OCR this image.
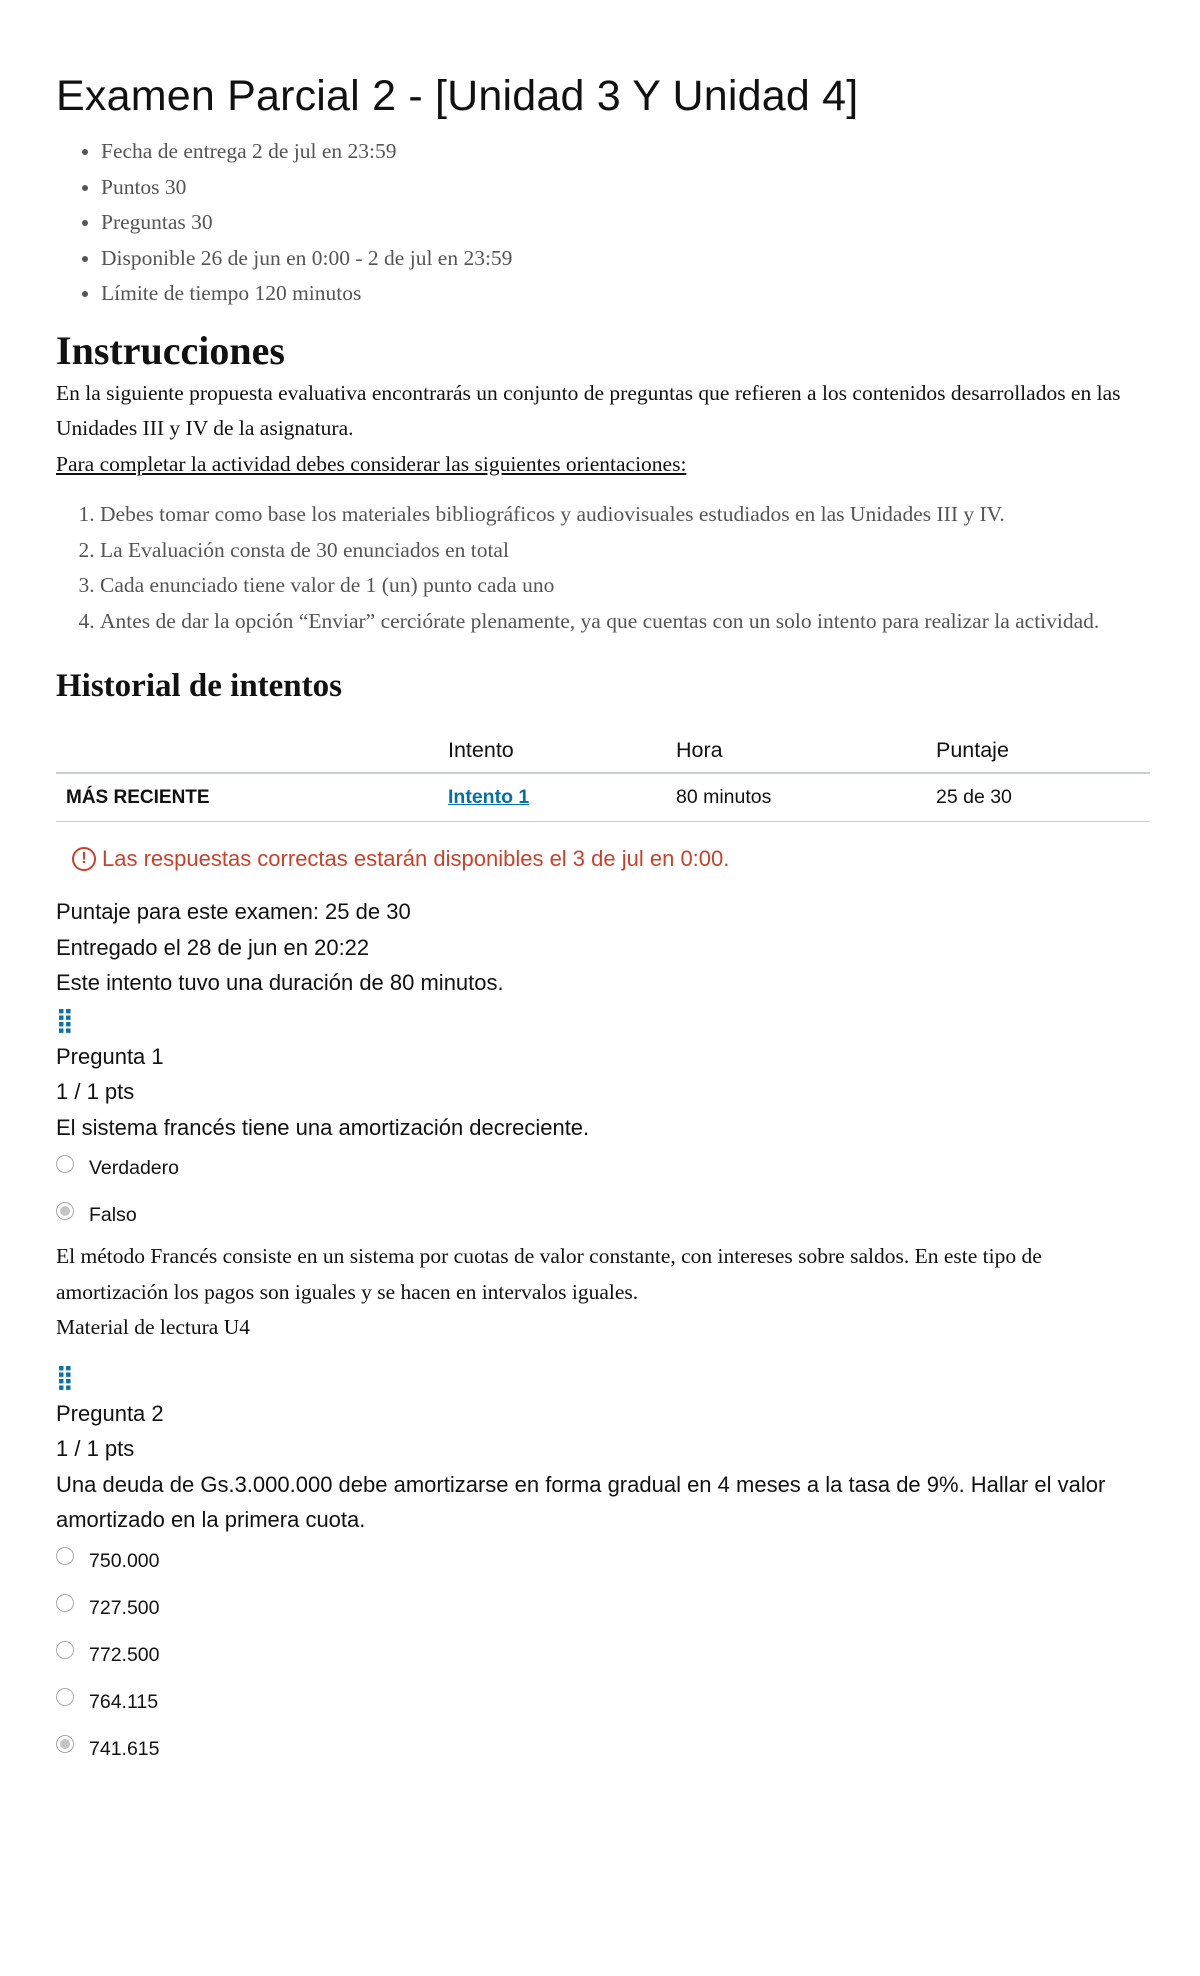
Examen Parcial 2 - [Unidad 3 Y Unidad 4]
• Fecha de entrega 2 de jul en 23:59
• Puntos 30
• Preguntas 30
• Disponible 26 de jun en 0:00 - 2 de jul en 23:59
• Límite de tiempo 120 minutos
Instrucciones

En la siguiente propuesta evaluativa encontrarás un conjunto de preguntas que refieren a los contenidos desarrollados en las Unidades III y IV de la asignatura.

Para completar la actividad debes considerar las siguientes orientaciones:

1. Debes tomar como base los materiales bibliográficos y audiovisuales estudiados en las Unidades III y IV.
2. La Evaluación consta de 30 enunciados en total
3. Cada enunciado tiene valor de 1 (un) punto cada uno
4. Antes de dar la opción “Enviar” cerciórate plenamente, ya que cuentas con un solo intento para realizar la actividad.
Historial de intentos
	Intento	Hora	Puntaje
MÁS RECIENTE	Intento 1	80 minutos	25 de 30
! Las respuestas correctas estarán disponibles el 3 de jul en 0:00.
Puntaje para este examen: 25 de 30
Entregado el 28 de jun en 20:22
Este intento tuvo una duración de 80 minutos.
⣿
Pregunta 1
1 / 1 pts
El sistema francés tiene una amortización decreciente.
Verdadero
Falso

El método Francés consiste en un sistema por cuotas de valor constante, con intereses sobre saldos. En este tipo de amortización los pagos son iguales y se hacen en intervalos iguales.

Material de lectura U4

⣿
Pregunta 2
1 / 1 pts
Una deuda de Gs.3.000.000 debe amortizarse en forma gradual en 4 meses a la tasa de 9%. Hallar el valor amortizado en la primera cuota.
750.000
727.500
772.500
764.115
741.615
